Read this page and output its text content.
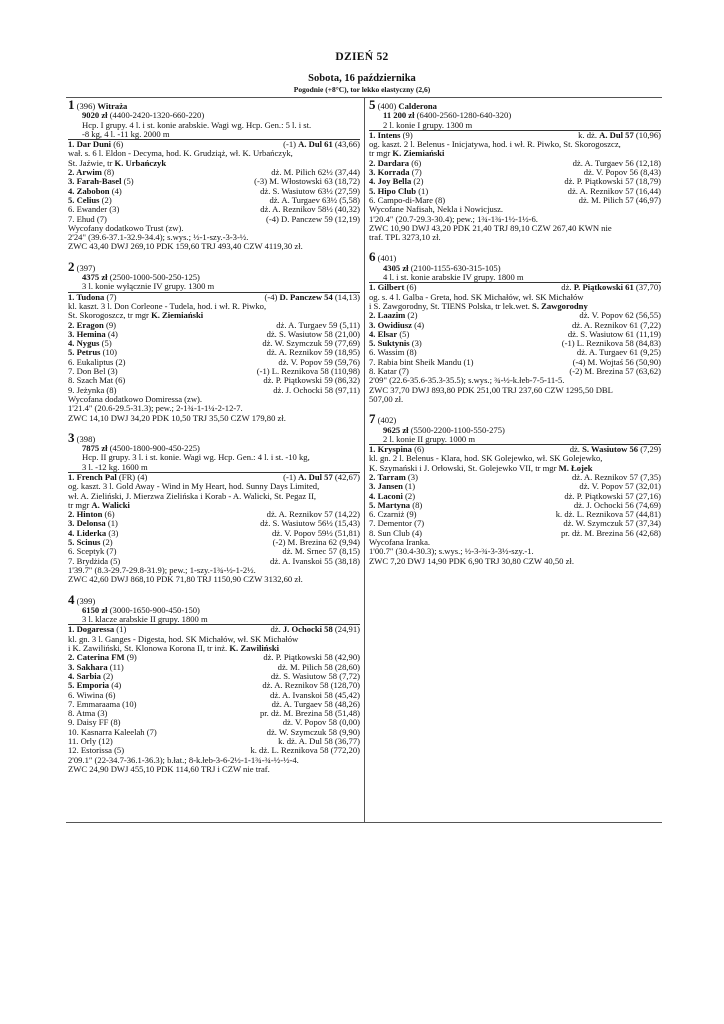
DZIEŃ 52
Sobota, 16 października
Pogodnie (+8°C), tor lekko elastyczny (2,6)
1 (396) Witraża
9020 zł (4400-2420-1320-660-220)
Hcp. I grupy. 4 l. i st. konie arabskie. Wagi wg. Hcp. Gen.: 5 l. i st.
-8 kg, 4 l. -11 kg. 2000 m
1. Dar Duni (6)	(-1) A. Dul 61 (43,66)
wał. s. 6 l. Eldon - Decyma, hod. K. Grudziąż, wł. K. Urbańczyk,
St. Jaźwie, tr K. Urbańczyk
2. Arwim (8)	dż. M. Pilich 62½ (37,44)
3. Farah-Basel (5)	(-3) M. Włostowski 63 (18,72)
4. Zabobon (4)	dż. S. Wasiutow 63½ (27,59)
5. Celius (2)	dż. A. Turgaev 63½ (5,58)
6. Ewander (3)	dż. A. Reznikov 58½ (40,32)
7. Ehud (7)	(-4) D. Panczew 59 (12,19)
Wycofany dodatkowo Trust (zw).
2'24" (39.6-37.1-32.9-34.4); s.wys.; ½-1-szy.-3-3-½.
ZWC 43,40 DWJ 269,10 PDK 159,60 TRJ 493,40 CZW 4119,30 zł.
2 (397)
4375 zł (2500-1000-500-250-125)
3 l. konie wyłącznie IV grupy. 1300 m
1. Tudona (7)	(-4) D. Panczew 54 (14,13)
kl. kaszt. 3 l. Don Corleone - Tudela, hod. i wł. R. Piwko,
St. Skorogoszcz, tr mgr K. Ziemiański
2. Eragon (9)	dż. A. Turgaev 59 (5,11)
3. Hemina (4)	dż. S. Wasiutow 58 (21,00)
4. Nygus (5)	dż. W. Szymczuk 59 (77,69)
5. Petrus (10)	dż. A. Reznikov 59 (18,95)
6. Eukaliptus (2)	dż. V. Popov 59 (59,76)
7. Don Bel (3)	(-1) L. Reznikova 58 (110,98)
8. Szach Mat (6)	dż. P. Piątkowski 59 (86,32)
9. Jeżynka (8)	dż. J. Ochocki 58 (97,11)
Wycofana dodatkowo Domiressa (zw).
1'21.4" (20.6-29.5-31.3); pew.; 2-1¾-1-1¼-2-12-7.
ZWC 14,10 DWJ 34,20 PDK 10,50 TRJ 35,50 CZW 179,80 zł.
3 (398)
7875 zł (4500-1800-900-450-225)
Hcp. II grupy. 3 l. i st. konie. Wagi wg. Hcp. Gen.: 4 l. i st. -10 kg,
3 l. -12 kg. 1600 m
1. French Pal (FR) (4)	(-1) A. Dul 57 (42,67)
og. kaszt. 3 l. Gold Away - Wind in My Heart, hod. Sunny Days Limited,
wł. A. Zieliński, J. Mierzwa Zielińska i Korab - A. Walicki, St. Pegaz II,
tr mgr A. Walicki
2. Hinton (6)	dż. A. Reznikov 57 (14,22)
3. Delonsa (1)	dż. S. Wasiutow 56½ (15,43)
4. Liderka (3)	dż. V. Popov 59½ (51,81)
5. Scinus (2)	(-2) M. Brezina 62 (9,94)
6. Sceptyk (7)	dż. M. Srnec 57 (8,15)
7. Brydżida (5)	dż. A. Ivanskoi 55 (38,18)
1'39.7" (8.3-29.7-29.8-31.9); pew.; 1-szy.-1¾-½-1-2½.
ZWC 42,60 DWJ 868,10 PDK 71,80 TRJ 1150,90 CZW 3132,60 zł.
4 (399)
6150 zł (3000-1650-900-450-150)
3 l. klacze arabskie II grupy. 1800 m
1. Dogaressa (1)	dż. J. Ochocki 58 (24,91)
kl. gn. 3 l. Ganges - Digesta, hod. SK Michałów, wł. SK Michałów
i K. Zawiliński, St. Klonowa Korona II, tr inż. K. Zawiliński
2. Caterina FM (9)	dż. P. Piątkowski 58 (42,90)
3. Sakhara (11)	dż. M. Pilich 58 (28,60)
4. Sarbia (2)	dż. S. Wasiutow 58 (7,72)
5. Emporia (4)	dż. A. Reznikov 58 (128,70)
6. Wiwina (6)	dż. A. Ivanskoi 58 (45,42)
7. Emmaraama (10)	dż. A. Turgaev 58 (48,26)
8. Atma (3)	pr. dż. M. Brezina 58 (51,48)
9. Daisy FF (8)	dż. V. Popov 58 (0,00)
10. Kasnarra Kaleelah (7)	dż. W. Szymczuk 58 (9,90)
11. Orly (12)	k. dż. A. Dul 58 (36,77)
12. Estorissa (5)	k. dż. L. Reznikova 58 (772,20)
2'09.1" (22-34.7-36.1-36.3); b.łat.; 8-k.łeb-3-6-2½-1-1¾-¾-½-½-4.
ZWC 24,90 DWJ 455,10 PDK 114,60 TRJ i CZW nie traf.
5 (400) Calderona
11 200 zł (6400-2560-1280-640-320)
2 l. konie I grupy. 1300 m
1. Intens (9)	k. dż. A. Dul 57 (10,96)
og. kaszt. 2 l. Belenus - Inicjatywa, hod. i wł. R. Piwko, St. Skorogoszcz,
tr mgr K. Ziemiański
2. Dardara (6)	dż. A. Turgaev 56 (12,18)
3. Korrada (7)	dż. V. Popov 56 (8,43)
4. Joy Bella (2)	dż. P. Piątkowski 57 (18,79)
5. Hipo Club (1)	dż. A. Reznikov 57 (16,44)
6. Campo-di-Mare (8)	dż. M. Pilich 57 (46,97)
Wycofane Nafisah, Nekla i Nowicjusz.
1'20.4" (20.7-29.3-30.4); pew.; 1¾-1¾-1½-1½-6.
ZWC 10,90 DWJ 43,20 PDK 21,40 TRJ 89,10 CZW 267,40 KWN nie
traf. TPL 3273,10 zł.
6 (401)
4305 zł (2100-1155-630-315-105)
4 l. i st. konie arabskie IV grupy. 1800 m
1. Gilbert (6)	dż. P. Piątkowski 61 (37,70)
og. s. 4 l. Galba - Greta, hod. SK Michałów, wł. SK Michałów
i S. Zawgorodny, St. TIENS Polska, tr lek.wet. S. Zawgorodny
2. Laazim (2)	dż. V. Popov 62 (56,55)
3. Owidiusz (4)	dż. A. Reznikov 61 (7,22)
4. Elsar (5)	dż. S. Wasiutow 61 (11,19)
5. Suktynis (3)	(-1) L. Reznikova 58 (84,83)
6. Wassim (8)	dż. A. Turgaev 61 (9,25)
7. Rabia bint Sheik Mandu (1)	(-4) M. Wojtaś 56 (50,90)
8. Katar (7)	(-2) M. Brezina 57 (63,62)
2'09" (22.6-35.6-35.3-35.5); s.wys.; ¾-½-k.łeb-7-5-11-5.
ZWC 37,70 DWJ 893,80 PDK 251,00 TRJ 237,60 CZW 1295,50 DBL
507,00 zł.
7 (402)
9625 zł (5500-2200-1100-550-275)
2 l. konie II grupy. 1000 m
1. Kryspina (6)	dż. S. Wasiutow 56 (7,29)
kl. gn. 2 l. Belenus - Klara, hod. SK Golejewko, wł. SK Golejewko,
K. Szymański i J. Orłowski, St. Golejewko VII, tr mgr M. Łojek
2. Tarram (3)	dż. A. Reznikov 57 (7,35)
3. Jansen (1)	dż. V. Popov 57 (32,01)
4. Laconi (2)	dż. P. Piątkowski 57 (27,16)
5. Martyna (8)	dż. J. Ochocki 56 (74,69)
6. Czarniż (9)	k. dż. L. Reznikova 57 (44,81)
7. Dementor (7)	dż. W. Szymczuk 57 (37,34)
8. Sun Club (4)	pr. dż. M. Brezina 56 (42,68)
Wycofana Iranka.
1'00.7" (30.4-30.3); s.wys.; ½-3-¾-3-3½-szy.-1.
ZWC 7,20 DWJ 14,90 PDK 6,90 TRJ 30,80 CZW 40,50 zł.
